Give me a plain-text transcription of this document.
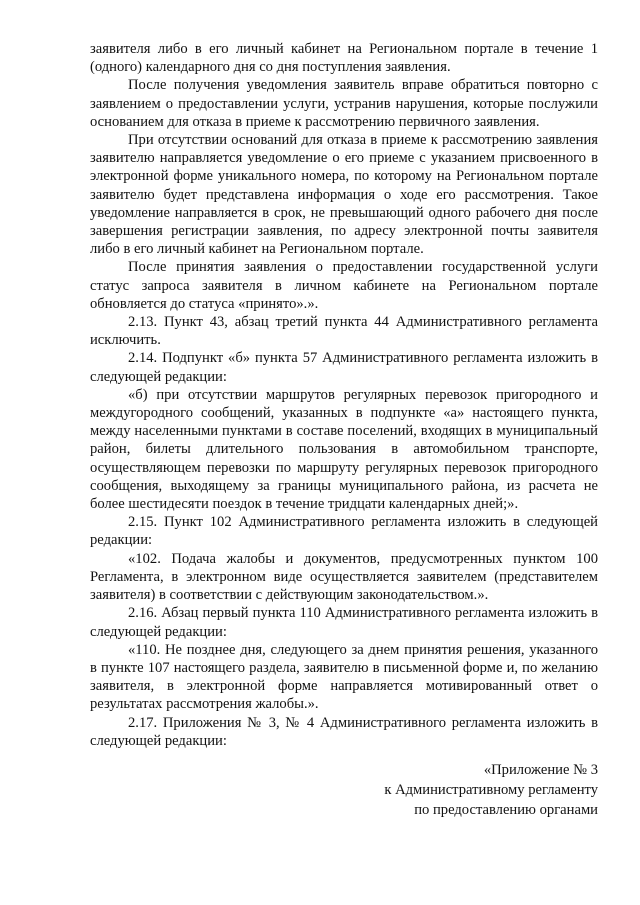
заявителя либо в его личный кабинет на Региональном портале в течение 1 (одного) календарного дня со дня поступления заявления.

После получения уведомления заявитель вправе обратиться повторно с заявлением о предоставлении услуги, устранив нарушения, которые послужили основанием для отказа в приеме к рассмотрению первичного заявления.

При отсутствии оснований для отказа в приеме к рассмотрению заявления заявителю направляется уведомление о его приеме с указанием присвоенного в электронной форме уникального номера, по которому на Региональном портале заявителю будет представлена информация о ходе его рассмотрения. Такое уведомление направляется в срок, не превышающий одного рабочего дня после завершения регистрации заявления, по адресу электронной почты заявителя либо в его личный кабинет на Региональном портале.

После принятия заявления о предоставлении государственной услуги статус запроса заявителя в личном кабинете на Региональном портале обновляется до статуса «принято».».

2.13. Пункт 43, абзац третий пункта 44 Административного регламента исключить.

2.14. Подпункт «б» пункта 57 Административного регламента изложить в следующей редакции:

«б) при отсутствии маршрутов регулярных перевозок пригородного и междугородного сообщений, указанных в подпункте «а» настоящего пункта, между населенными пунктами в составе поселений, входящих в муниципальный район, билеты длительного пользования в автомобильном транспорте, осуществляющем перевозки по маршруту регулярных перевозок пригородного сообщения, выходящему за границы муниципального района, из расчета не более шестидесяти поездок в течение тридцати календарных дней;».

2.15. Пункт 102 Административного регламента изложить в следующей редакции:

«102. Подача жалобы и документов, предусмотренных пунктом 100 Регламента, в электронном виде осуществляется заявителем (представителем заявителя) в соответствии с действующим законодательством.».

2.16. Абзац первый пункта 110 Административного регламента изложить в следующей редакции:

«110. Не позднее дня, следующего за днем принятия решения, указанного в пункте 107 настоящего раздела, заявителю в письменной форме и, по желанию заявителя, в электронной форме направляется мотивированный ответ о результатах рассмотрения жалобы.».

2.17. Приложения № 3, № 4 Административного регламента изложить в следующей редакции:

«Приложение № 3
к Административному регламенту
по предоставлению органами
